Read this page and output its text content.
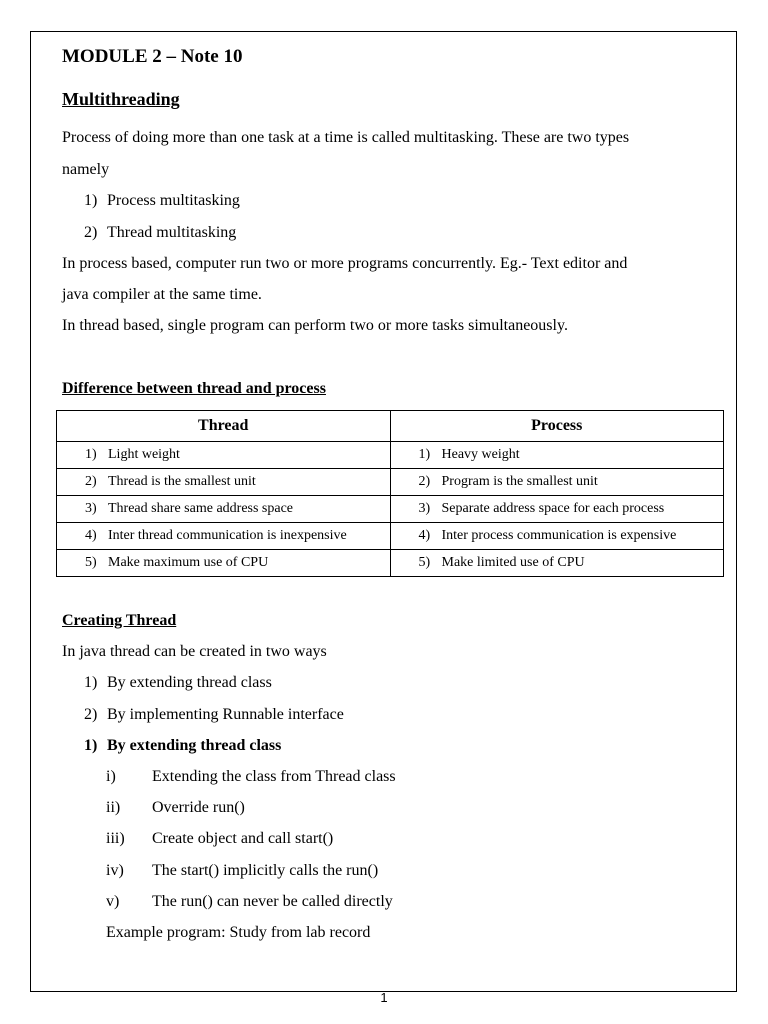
MODULE 2 – Note 10
Multithreading
Process of doing more than one task at a time is called multitasking. These are two types
namely
1) Process multitasking
2) Thread multitasking
In process based, computer run two or more programs concurrently. Eg.- Text editor and
java compiler at the same time.
In thread based, single program can perform two or more tasks simultaneously.
Difference between thread and process
Thread	Process
1) Light weight	1) Heavy weight
2) Thread is the smallest unit	2) Program is the smallest unit
3) Thread share same address space	3) Separate address space for each process
4) Inter thread communication is inexpensive	4) Inter process communication is expensive
5) Make maximum use of CPU	5) Make limited use of CPU
Creating Thread
In java thread can be created in two ways
1) By extending thread class
2) By implementing Runnable interface
1) By extending thread class
i) Extending the class from Thread class
ii) Override run()
iii) Create object and call start()
iv) The start() implicitly calls the run()
v) The run() can never be called directly
Example program: Study from lab record
1
